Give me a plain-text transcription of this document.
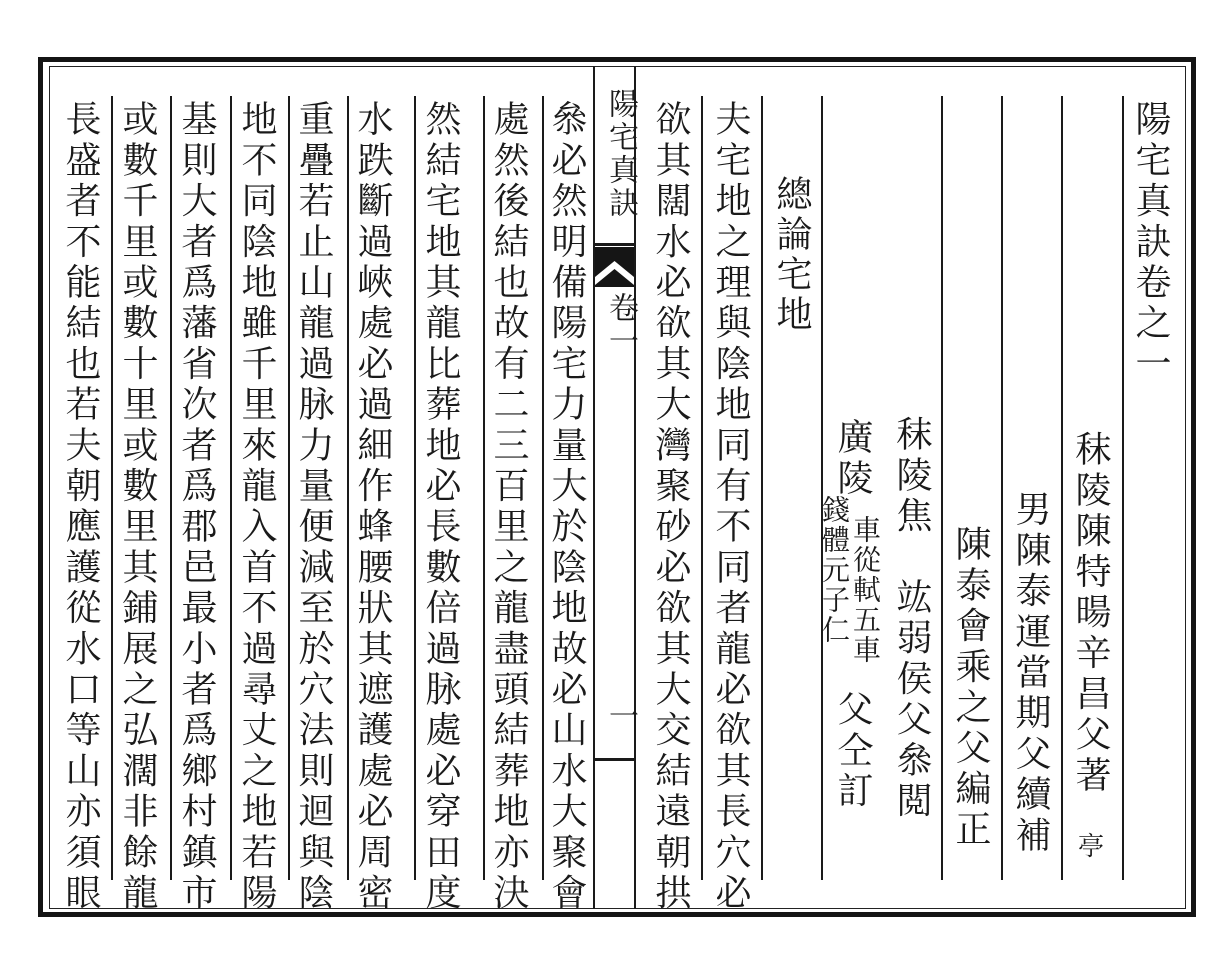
陽宅真訣
卷一
一
陽宅真訣卷之一
秣陵陳特暘辛昌父著
男陳泰運當期父續補
陳泰會乘之父編正
秣陵焦　竑弱侯父叅閲
廣陵
車從軾五車
錢體元子仁
父仝訂
總論宅地
夫宅地之理與陰地同有不同者龍必欲其長穴必
欲其闊水必欲其大灣聚砂必欲其大交結遠朝拱	亭
叅必然明備陽宅力量大於陰地故必山水大聚會
處然後結也故有二三百里之龍盡頭結葬地亦決
然結宅地其龍比葬地必長數倍過脉處必穿田度
水跌斷過峽處必過細作蜂腰狀其遮護處必周密
重疊若止山龍過脉力量便減至於穴法則迴與陰
地不同陰地雖千里來龍入首不過尋丈之地若陽
基則大者爲藩省次者爲郡邑最小者爲鄉村鎮市
或數千里或數十里或數里其鋪展之弘濶非餘龍
長盛者不能結也若夫朝應護從水口等山亦須眼
